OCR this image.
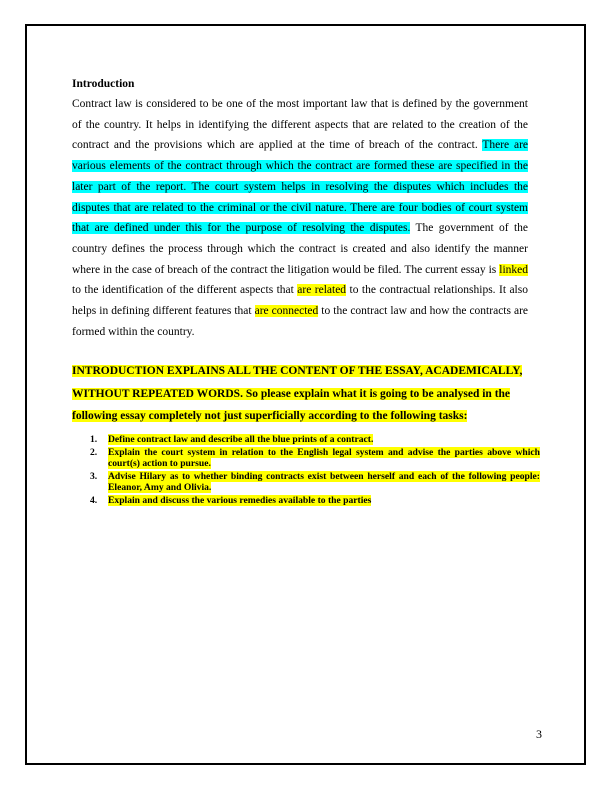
Introduction

Contract law is considered to be one of the most important law that is defined by the government of the country. It helps in identifying the different aspects that are related to the creation of the contract and the provisions which are applied at the time of breach of the contract. There are various elements of the contract through which the contract are formed these are specified in the later part of the report. The court system helps in resolving the disputes which includes the disputes that are related to the criminal or the civil nature. There are four bodies of court system that are defined under this for the purpose of resolving the disputes. The government of the country defines the process through which the contract is created and also identify the manner where in the case of breach of the contract the litigation would be filed. The current essay is linked to the identification of the different aspects that are related to the contractual relationships. It also helps in defining different features that are connected to the contract law and how the contracts are formed within the country.

INTRODUCTION EXPLAINS ALL THE CONTENT OF THE ESSAY, ACADEMICALLY, WITHOUT REPEATED WORDS. So please explain what it is going to be analysed in the following essay completely not just superficially according to the following tasks:
1. Define contract law and describe all the blue prints of a contract.
2. Explain the court system in relation to the English legal system and advise the parties above which court(s) action to pursue.
3. Advise Hilary as to whether binding contracts exist between herself and each of the following people: Eleanor, Amy and Olivia.
4. Explain and discuss the various remedies available to the parties
3
